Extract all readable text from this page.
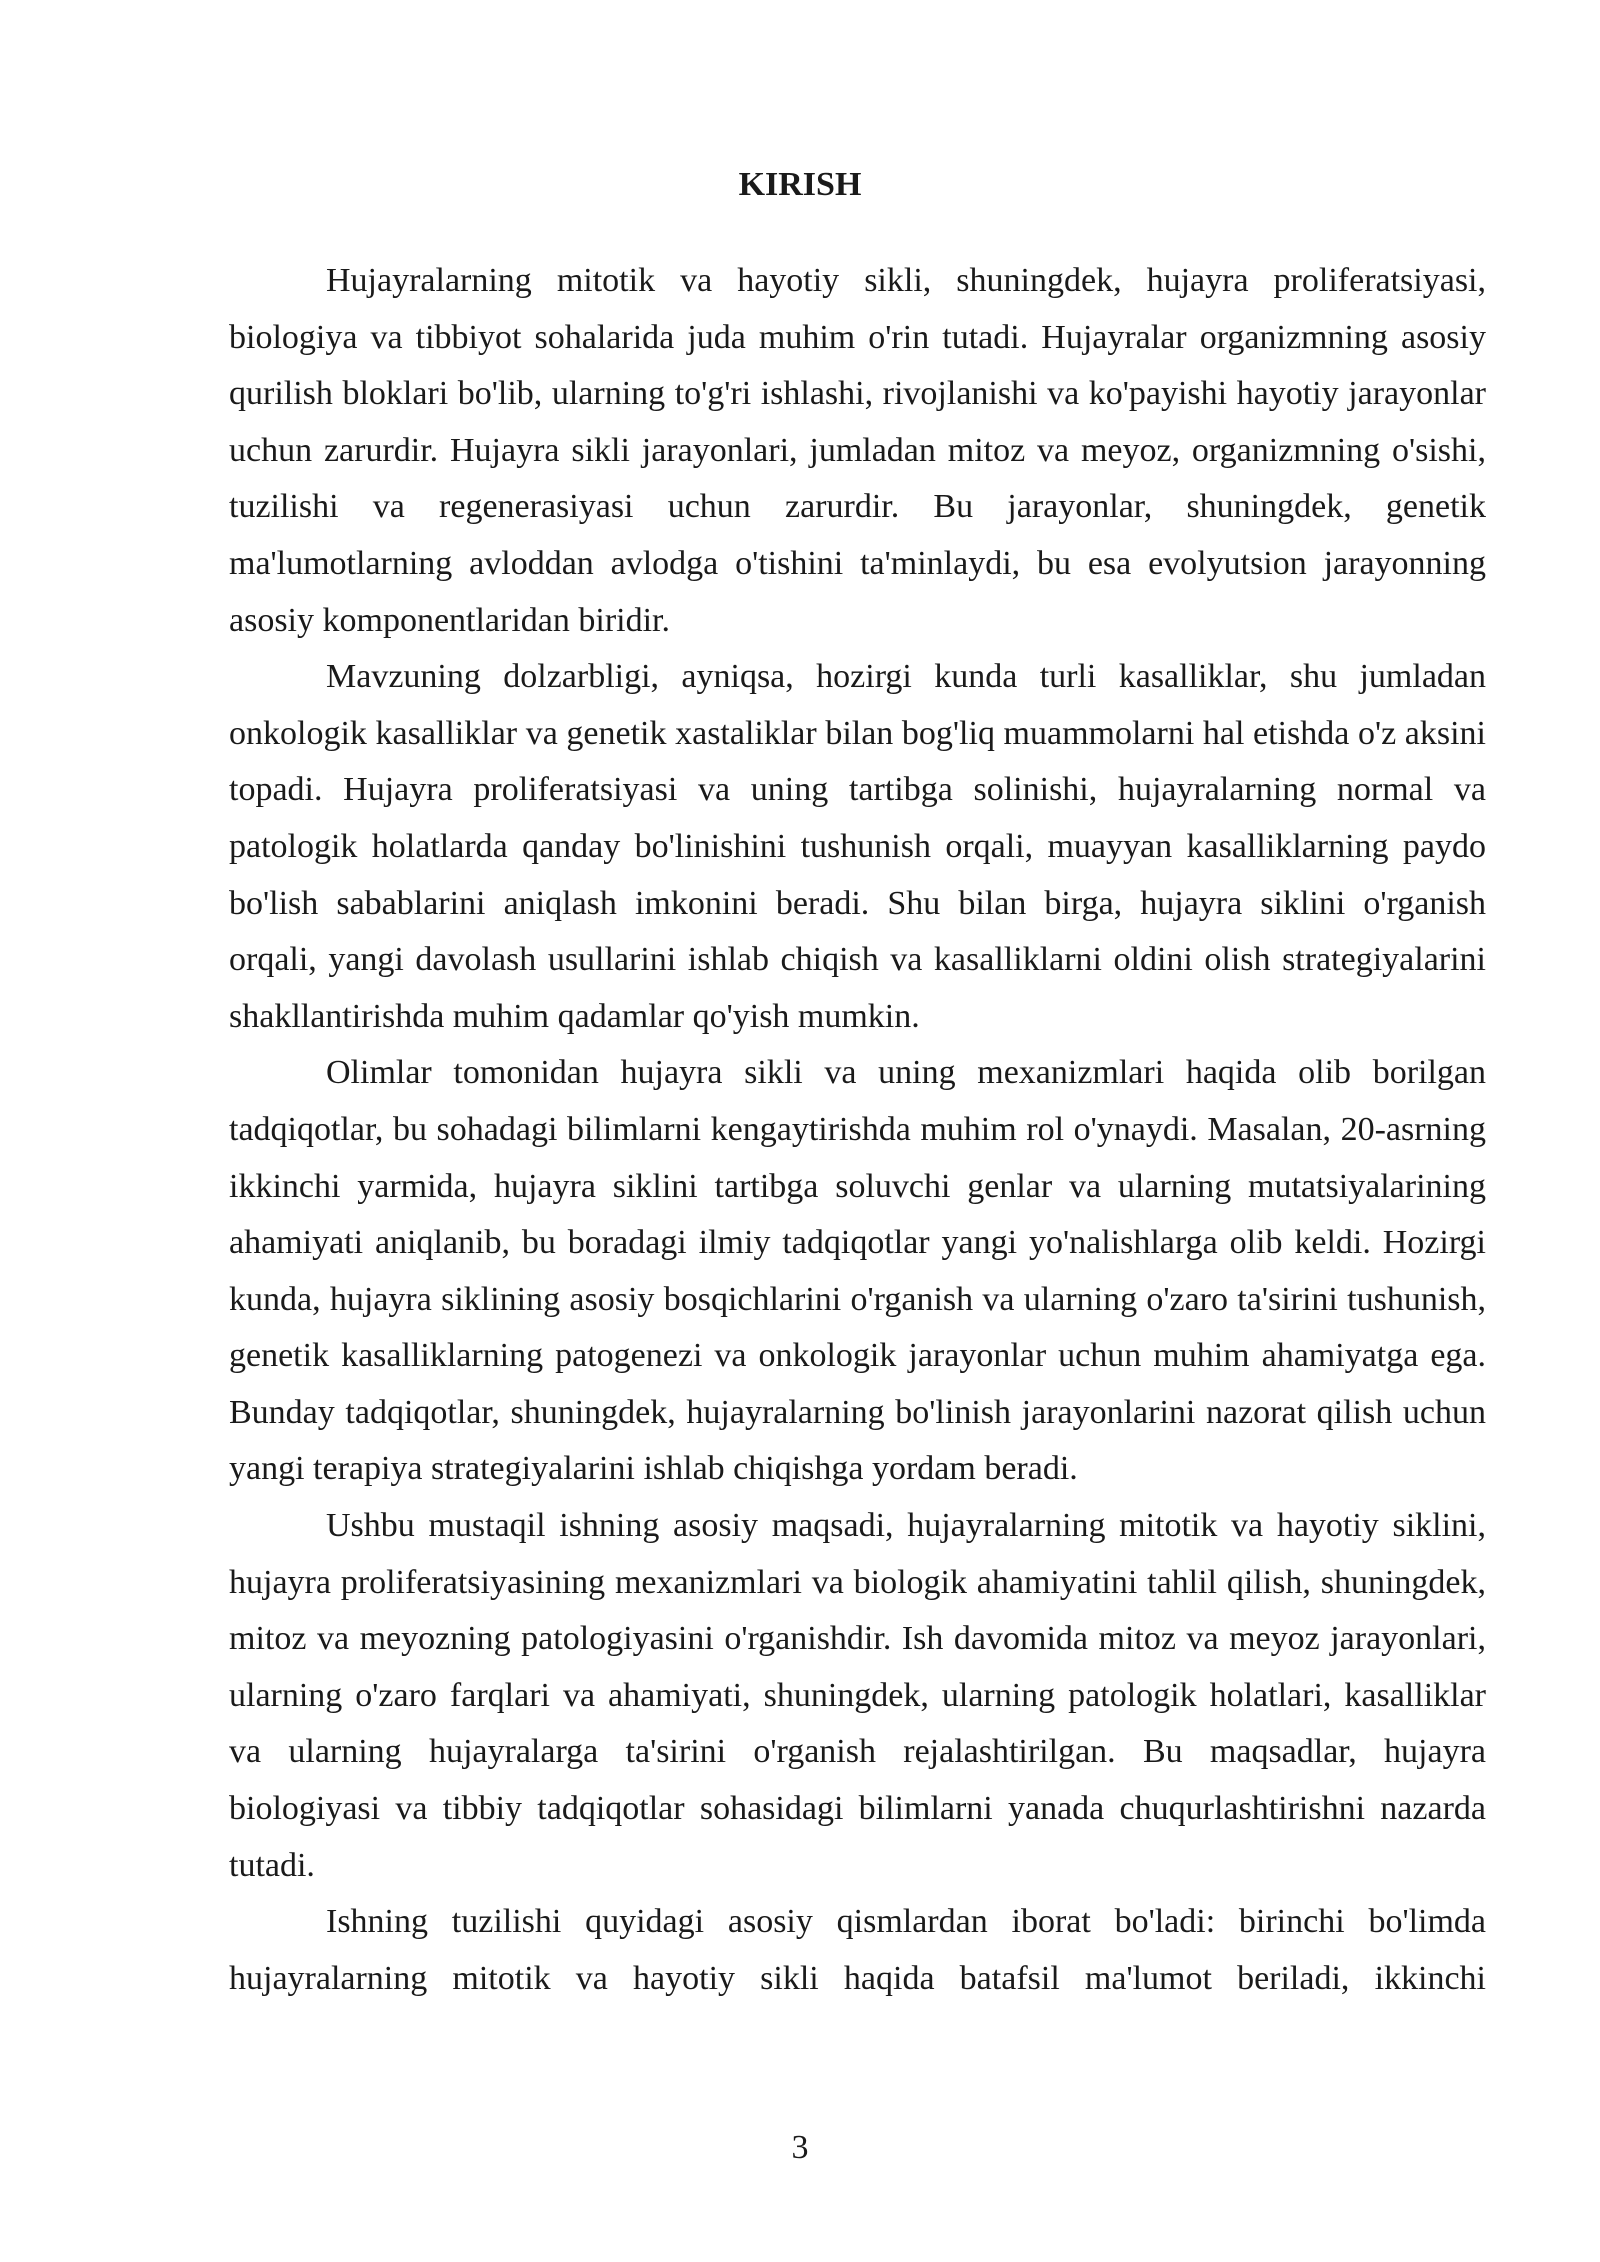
KIRISH

Hujayralarning mitotik va hayotiy sikli, shuningdek, hujayra proliferatsiyasi, biologiya va tibbiyot sohalarida juda muhim o'rin tutadi. Hujayralar organizmning asosiy qurilish bloklari bo'lib, ularning to'g'ri ishlashi, rivojlanishi va ko'payishi hayotiy jarayonlar uchun zarurdir. Hujayra sikli jarayonlari, jumladan mitoz va meyoz, organizmning o'sishi, tuzilishi va regenerasiyasi uchun zarurdir. Bu jarayonlar, shuningdek, genetik ma'lumotlarning avloddan avlodga o'tishini ta'minlaydi, bu esa evolyutsion jarayonning asosiy komponentlaridan biridir.

Mavzuning dolzarbligi, ayniqsa, hozirgi kunda turli kasalliklar, shu jumladan onkologik kasalliklar va genetik xastaliklar bilan bog'liq muammolarni hal etishda o'z aksini topadi. Hujayra proliferatsiyasi va uning tartibga solinishi, hujayralarning normal va patologik holatlarda qanday bo'linishini tushunish orqali, muayyan kasalliklarning paydo bo'lish sabablarini aniqlash imkonini beradi. Shu bilan birga, hujayra siklini o'rganish orqali, yangi davolash usullarini ishlab chiqish va kasalliklarni oldini olish strategiyalarini shakllantirishda muhim qadamlar qo'yish mumkin.

Olimlar tomonidan hujayra sikli va uning mexanizmlari haqida olib borilgan tadqiqotlar, bu sohadagi bilimlarni kengaytirishda muhim rol o'ynaydi. Masalan, 20-asrning ikkinchi yarmida, hujayra siklini tartibga soluvchi genlar va ularning mutatsiyalarining ahamiyati aniqlanib, bu boradagi ilmiy tadqiqotlar yangi yo'nalishlarga olib keldi. Hozirgi kunda, hujayra siklining asosiy bosqichlarini o'rganish va ularning o'zaro ta'sirini tushunish, genetik kasalliklarning patogenezi va onkologik jarayonlar uchun muhim ahamiyatga ega. Bunday tadqiqotlar, shuningdek, hujayralarning bo'linish jarayonlarini nazorat qilish uchun yangi terapiya strategiyalarini ishlab chiqishga yordam beradi.

Ushbu mustaqil ishning asosiy maqsadi, hujayralarning mitotik va hayotiy siklini, hujayra proliferatsiyasining mexanizmlari va biologik ahamiyatini tahlil qilish, shuningdek, mitoz va meyozning patologiyasini o'rganishdir. Ish davomida mitoz va meyoz jarayonlari, ularning o'zaro farqlari va ahamiyati, shuningdek, ularning patologik holatlari, kasalliklar va ularning hujayralarga ta'sirini o'rganish rejalashtirilgan. Bu maqsadlar, hujayra biologiyasi va tibbiy tadqiqotlar sohasidagi bilimlarni yanada chuqurlashtirishni nazarda tutadi.

Ishning tuzilishi quyidagi asosiy qismlardan iborat bo'ladi: birinchi bo'limda hujayralarning mitotik va hayotiy sikli haqida batafsil ma'lumot beriladi, ikkinchi

3
